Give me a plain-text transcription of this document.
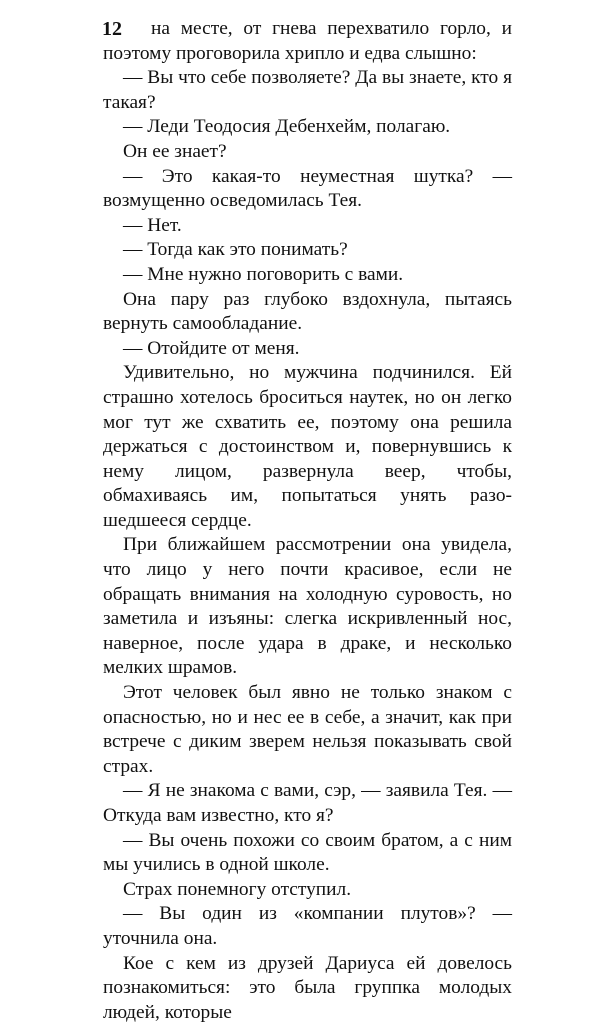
12	на месте, от гнева перехватило горло, и поэтому проговорила хрипло и едва слышно:

— Вы что себе позволяете? Да вы знаете, кто я такая?

— Леди Теодосия Дебенхейм, полагаю.

Он ее знает?

— Это какая-то неуместная шутка? — возмущенно осведомилась Тея.

— Нет.

— Тогда как это понимать?

— Мне нужно поговорить с вами.

Она пару раз глубоко вздохнула, пытаясь вернуть самообладание.

— Отойдите от меня.

Удивительно, но мужчина подчинился. Ей страшно хотелось броситься наутек, но он легко мог тут же схватить ее, поэтому она решила держаться с достоинством и, повернувшись к нему лицом, развернула веер, чтобы, обмахиваясь им, попытаться унять разошедшееся сердце.

При ближайшем рассмотрении она увидела, что лицо у него почти красивое, если не обращать внимания на холодную суровость, но заметила и изъяны: слегка искривленный нос, наверное, после удара в драке, и несколько мелких шрамов.

Этот человек был явно не только знаком с опасностью, но и нес ее в себе, а значит, как при встрече с диким зверем нельзя показывать свой страх.

— Я не знакома с вами, сэр, — заявила Тея. — Откуда вам известно, кто я?

— Вы очень похожи со своим братом, а с ним мы учились в одной школе.

Страх понемногу отступил.

— Вы один из «компании плутов»? — уточнила она.

Кое с кем из друзей Дариуса ей довелось познакомиться: это была группка молодых людей, которые
